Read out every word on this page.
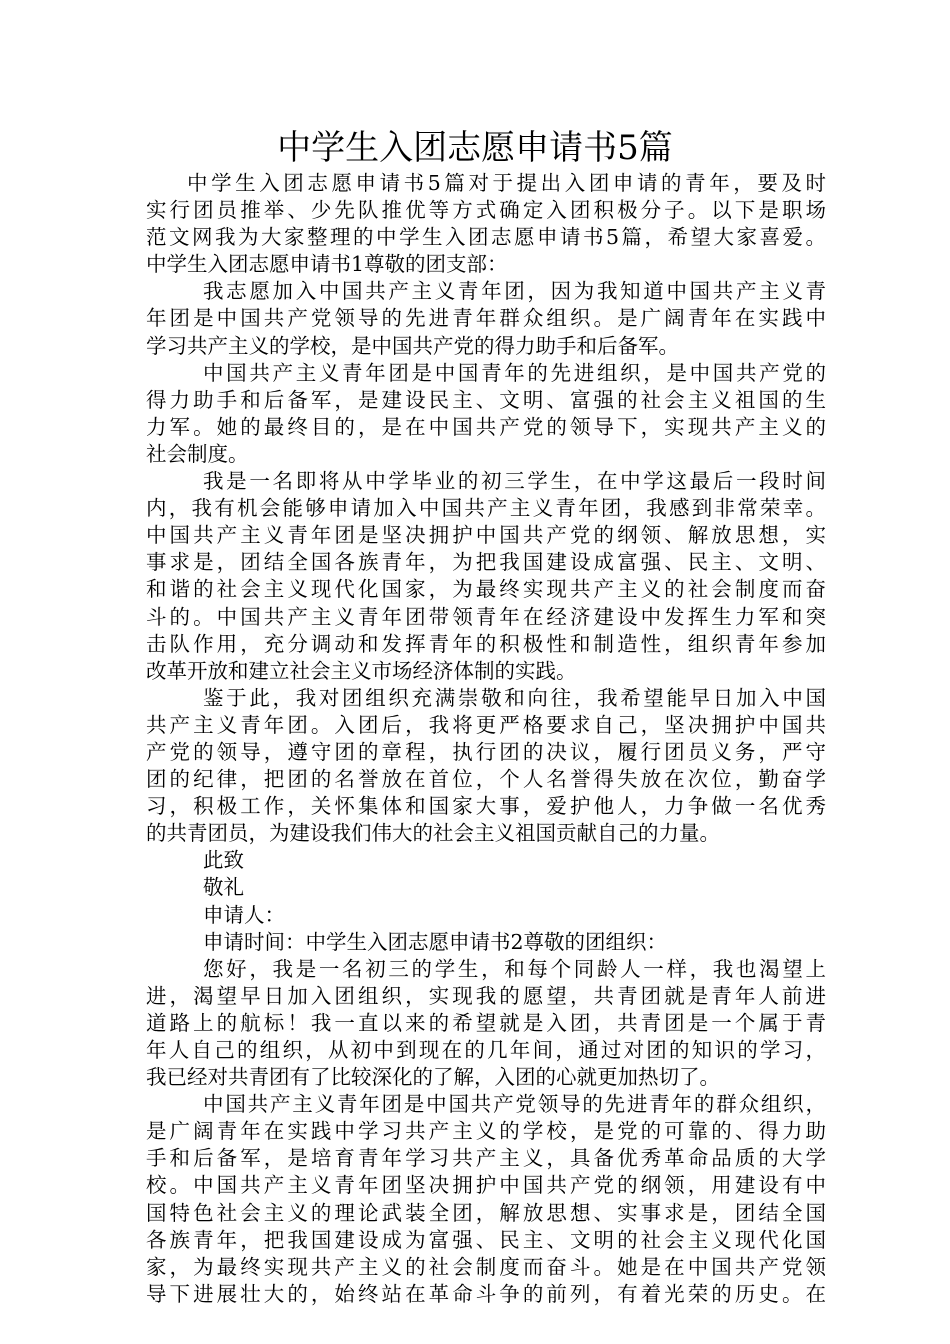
中学生入团志愿申请书5篇
中学生入团志愿申请书5篇对于提出入团申请的青年，要及时
实行团员推举、少先队推优等方式确定入团积极分子。以下是职场
范文网我为大家整理的中学生入团志愿申请书5篇，希望大家喜爱。
中学生入团志愿申请书1尊敬的团支部：
我志愿加入中国共产主义青年团，因为我知道中国共产主义青
年团是中国共产党领导的先进青年群众组织。是广阔青年在实践中
学习共产主义的学校，是中国共产党的得力助手和后备军。
中国共产主义青年团是中国青年的先进组织，是中国共产党的
得力助手和后备军，是建设民主、文明、富强的社会主义祖国的生
力军。她的最终目的，是在中国共产党的领导下，实现共产主义的
社会制度。
我是一名即将从中学毕业的初三学生，在中学这最后一段时间
内，我有机会能够申请加入中国共产主义青年团，我感到非常荣幸。
中国共产主义青年团是坚决拥护中国共产党的纲领、解放思想，实
事求是，团结全国各族青年，为把我国建设成富强、民主、文明、
和谐的社会主义现代化国家，为最终实现共产主义的社会制度而奋
斗的。中国共产主义青年团带领青年在经济建设中发挥生力军和突
击队作用，充分调动和发挥青年的积极性和制造性，组织青年参加
改革开放和建立社会主义市场经济体制的实践。
鉴于此，我对团组织充满崇敬和向往，我希望能早日加入中国
共产主义青年团。入团后，我将更严格要求自己，坚决拥护中国共
产党的领导，遵守团的章程，执行团的决议，履行团员义务，严守
团的纪律，把团的名誉放在首位，个人名誉得失放在次位，勤奋学
习，积极工作，关怀集体和国家大事，爱护他人，力争做一名优秀
的共青团员，为建设我们伟大的社会主义祖国贡献自己的力量。
此致
敬礼
申请人：
申请时间：中学生入团志愿申请书2尊敬的团组织：
您好，我是一名初三的学生，和每个同龄人一样，我也渴望上
进，渴望早日加入团组织，实现我的愿望，共青团就是青年人前进
道路上的航标！我一直以来的希望就是入团，共青团是一个属于青
年人自己的组织，从初中到现在的几年间，通过对团的知识的学习，
我已经对共青团有了比较深化的了解，入团的心就更加热切了。
中国共产主义青年团是中国共产党领导的先进青年的群众组织，
是广阔青年在实践中学习共产主义的学校，是党的可靠的、得力助
手和后备军，是培育青年学习共产主义，具备优秀革命品质的大学
校。中国共产主义青年团坚决拥护中国共产党的纲领，用建设有中
国特色社会主义的理论武装全团，解放思想、实事求是，团结全国
各族青年，把我国建设成为富强、民主、文明的社会主义现代化国
家，为最终实现共产主义的社会制度而奋斗。她是在中国共产党领
导下进展壮大的，始终站在革命斗争的前列，有着光荣的历史。在
